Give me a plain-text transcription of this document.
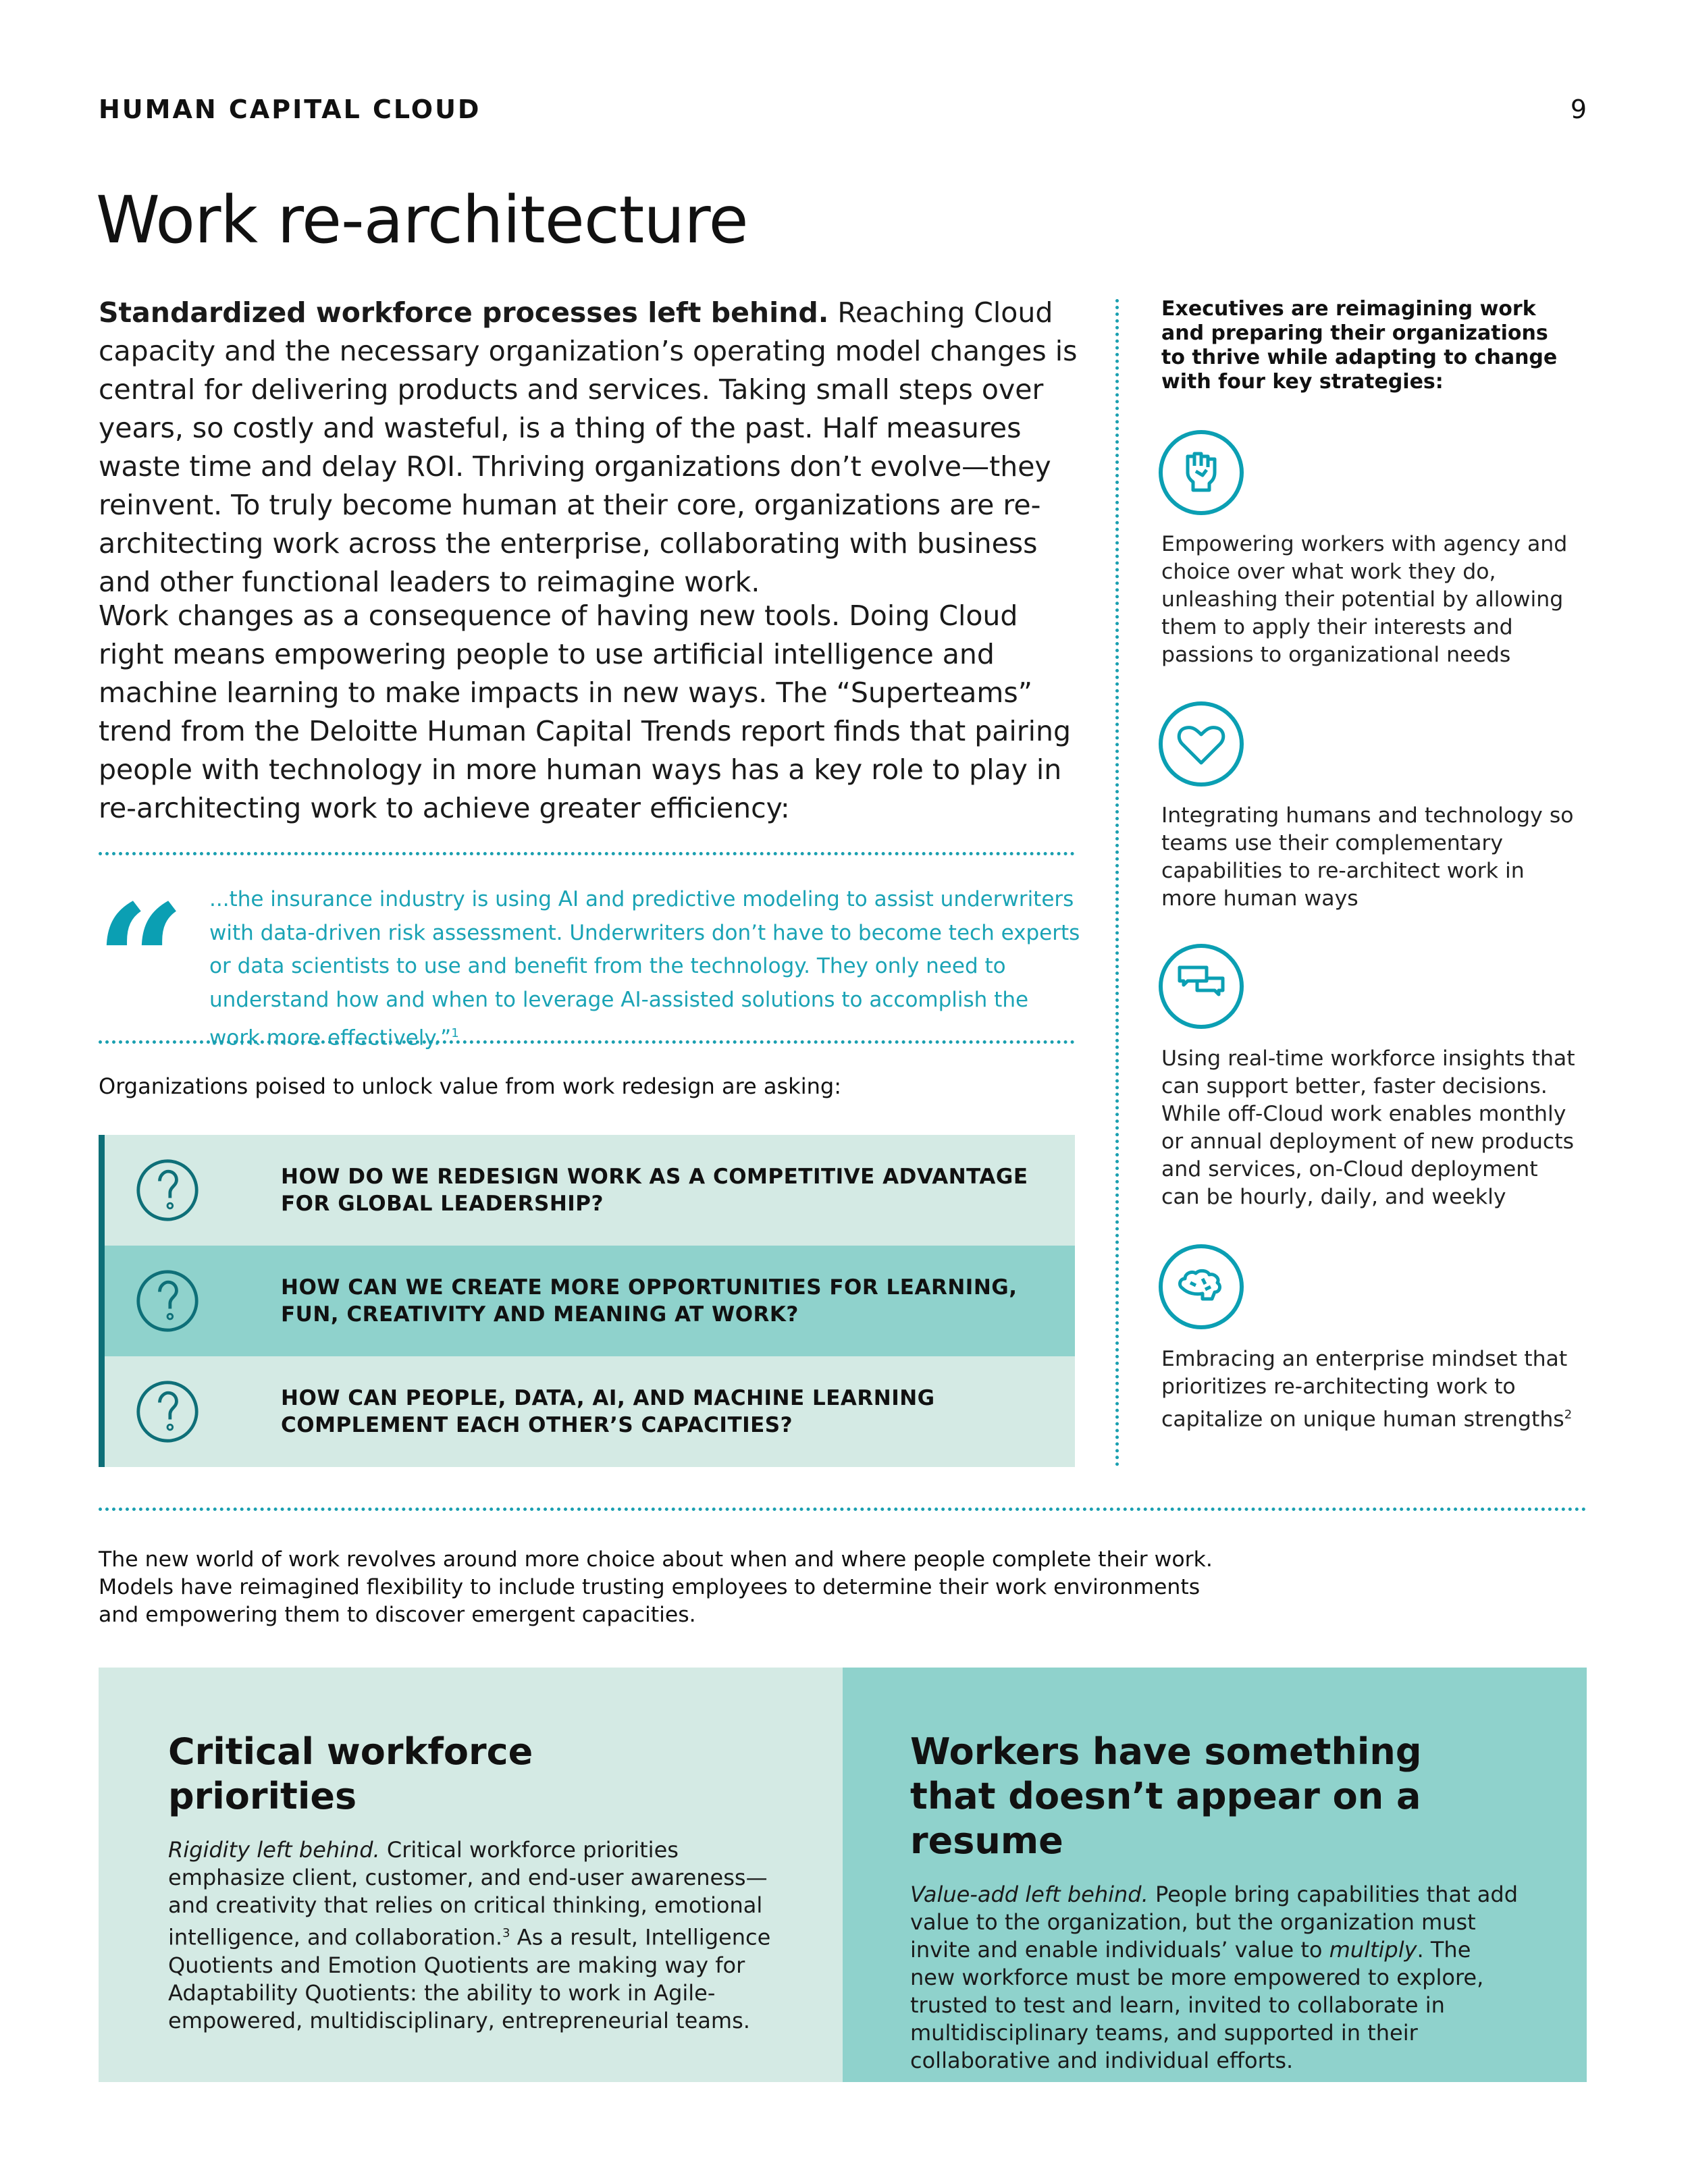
HUMAN CAPITAL CLOUD	9
Work re-architecture

Standardized workforce processes left behind. Reaching Cloud capacity and the necessary organization’s operating model changes is central for delivering products and services. Taking small steps over years, so costly and wasteful, is a thing of the past. Half measures waste time and delay ROI. Thriving organizations don’t evolve—they reinvent. To truly become human at their core, organizations are re-architecting work across the enterprise, collaborating with business and other functional leaders to reimagine work.

Work changes as a consequence of having new tools. Doing Cloud right means empowering people to use artificial intelligence and machine learning to make impacts in new ways. The “Superteams” trend from the Deloitte Human Capital Trends report finds that pairing people with technology in more human ways has a key role to play in re-architecting work to achieve greater efficiency:

“ ...the insurance industry is using AI and predictive modeling to assist underwriters with data-driven risk assessment. Underwriters don’t have to become tech experts or data scientists to use and benefit from the technology. They only need to understand how and when to leverage AI-assisted solutions to accomplish the work more effectively.”$^1$

Organizations poised to unlock value from work redesign are asking:

HOW DO WE REDESIGN WORK AS A COMPETITIVE ADVANTAGE FOR GLOBAL LEADERSHIP?
HOW CAN WE CREATE MORE OPPORTUNITIES FOR LEARNING, FUN, CREATIVITY AND MEANING AT WORK?
HOW CAN PEOPLE, DATA, AI, AND MACHINE LEARNING COMPLEMENT EACH OTHER’S CAPACITIES?

Executives are reimagining work and preparing their organizations to thrive while adapting to change with four key strategies:

Empowering workers with agency and choice over what work they do, unleashing their potential by allowing them to apply their interests and passions to organizational needs

Integrating humans and technology so teams use their complementary capabilities to re-architect work in more human ways

Using real-time workforce insights that can support better, faster decisions. While off-Cloud work enables monthly or annual deployment of new products and services, on-Cloud deployment can be hourly, daily, and weekly

Embracing an enterprise mindset that prioritizes re-architecting work to capitalize on unique human strengths$^2$

The new world of work revolves around more choice about when and where people complete their work. Models have reimagined flexibility to include trusting employees to determine their work environments and empowering them to discover emergent capacities.

Critical workforce priorities

Rigidity left behind. Critical workforce priorities emphasize client, customer, and end-user awareness—and creativity that relies on critical thinking, emotional intelligence, and collaboration.$^3$ As a result, Intelligence Quotients and Emotion Quotients are making way for Adaptability Quotients: the ability to work in Agile-empowered, multidisciplinary, entrepreneurial teams.

Workers have something that doesn’t appear on a resume

Value-add left behind. People bring capabilities that add value to the organization, but the organization must invite and enable individuals’ value to multiply. The new workforce must be more empowered to explore, trusted to test and learn, invited to collaborate in multidisciplinary teams, and supported in their collaborative and individual efforts.
